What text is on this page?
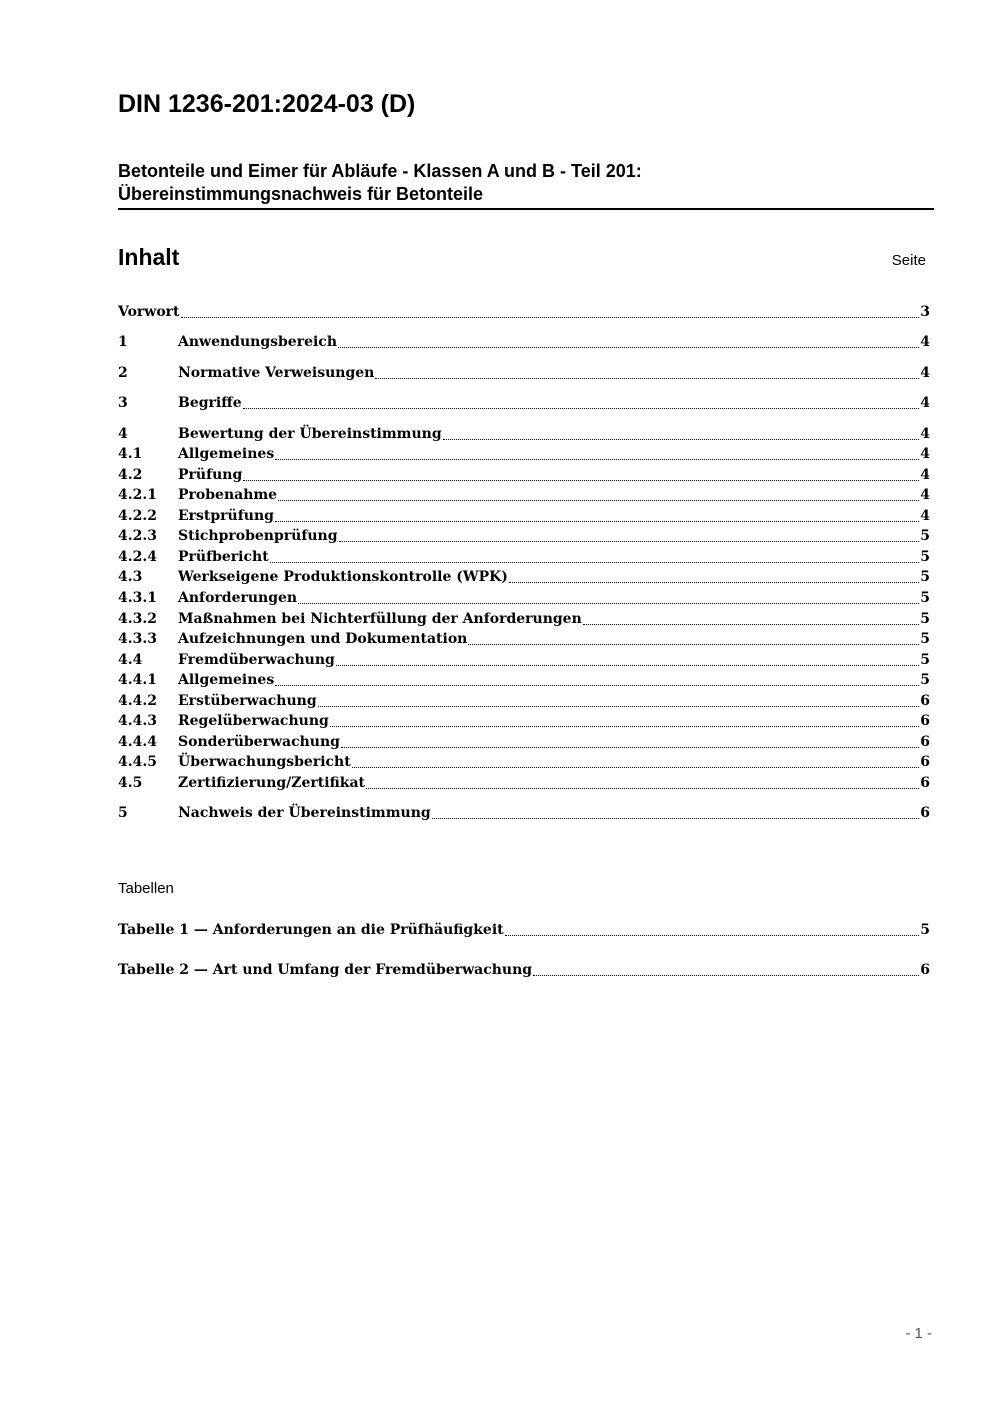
DIN 1236-201:2024-03 (D)
Betonteile und Eimer für Abläufe - Klassen A und B - Teil 201:
Übereinstimmungsnachweis für Betonteile
Inhalt	Seite
Vorwort	3
1	Anwendungsbereich	4
2	Normative Verweisungen	4
3	Begriffe	4
4	Bewertung der Übereinstimmung	4
4.1	Allgemeines	4
4.2	Prüfung	4
4.2.1	Probenahme	4
4.2.2	Erstprüfung	4
4.2.3	Stichprobenprüfung	5
4.2.4	Prüfbericht	5
4.3	Werkseigene Produktionskontrolle (WPK)	5
4.3.1	Anforderungen	5
4.3.2	Maßnahmen bei Nichterfüllung der Anforderungen	5
4.3.3	Aufzeichnungen und Dokumentation	5
4.4	Fremdüberwachung	5
4.4.1	Allgemeines	5
4.4.2	Erstüberwachung	6
4.4.3	Regelüberwachung	6
4.4.4	Sonderüberwachung	6
4.4.5	Überwachungsbericht	6
4.5	Zertifizierung/Zertifikat	6
5	Nachweis der Übereinstimmung	6
Tabellen
Tabelle 1 — Anforderungen an die Prüfhäufigkeit	5
Tabelle 2 — Art und Umfang der Fremdüberwachung	6
- 1 -
